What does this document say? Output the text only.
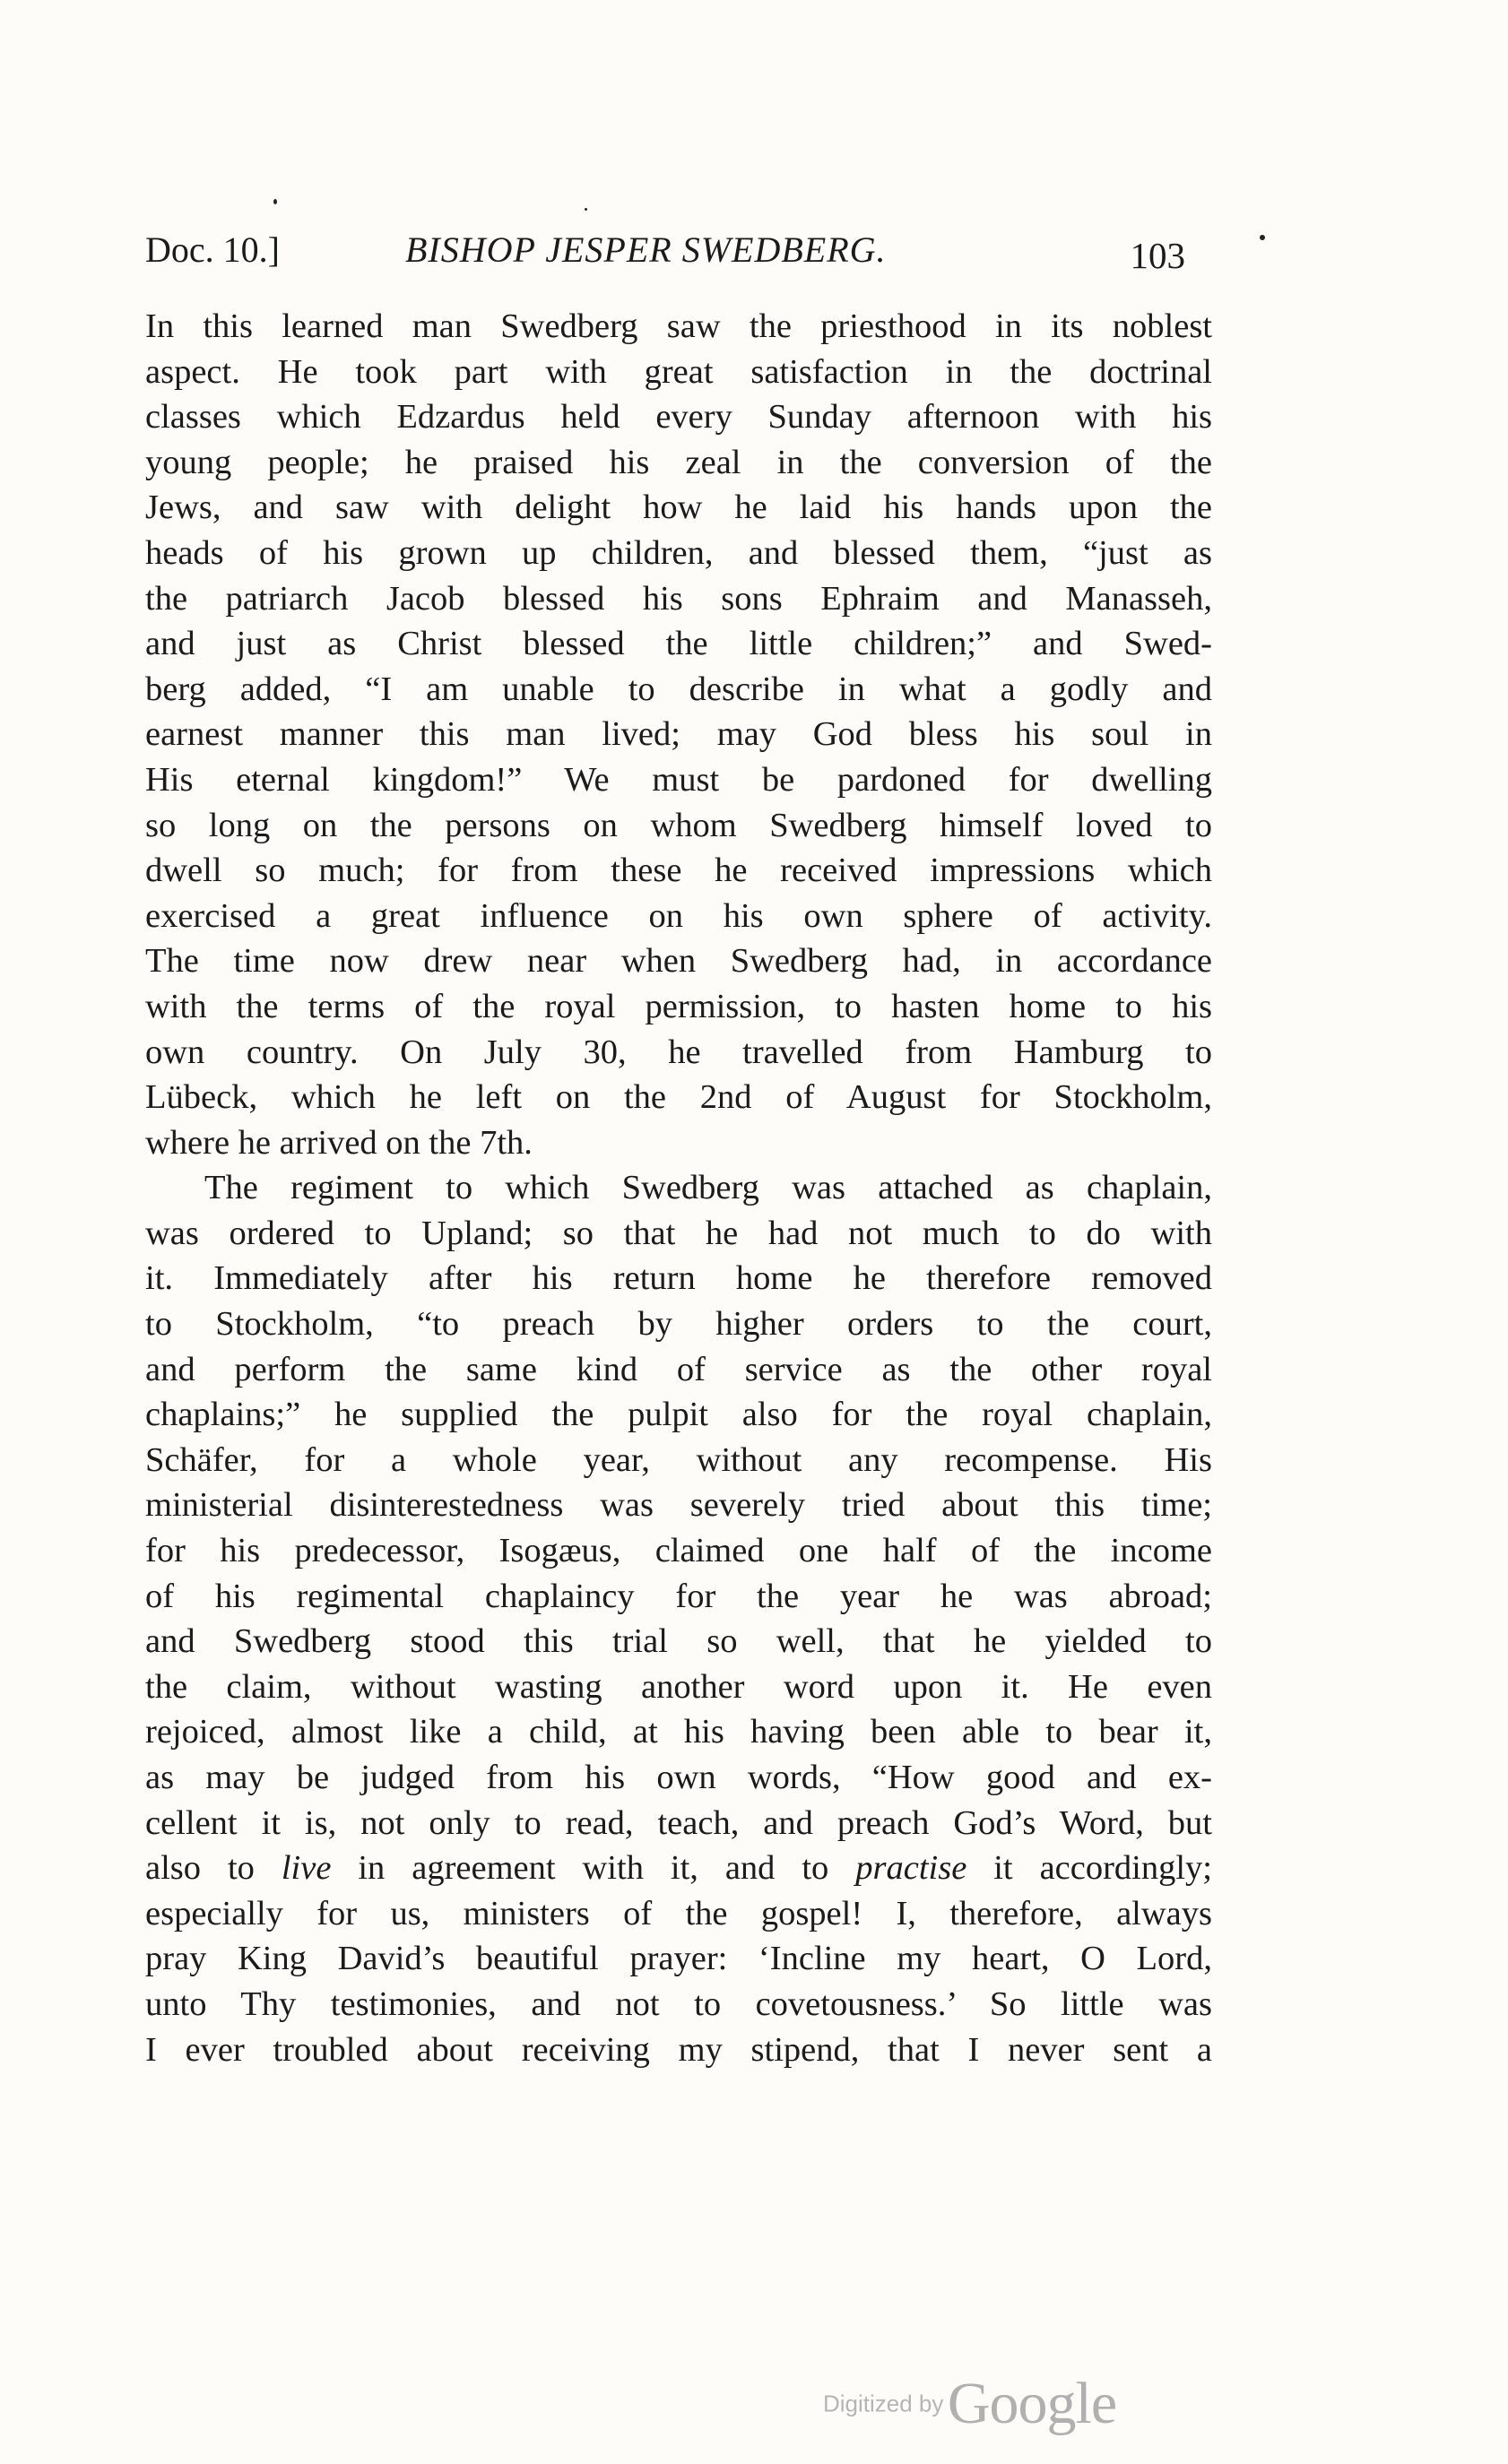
Doc. 10.]	BISHOP JESPER SWEDBERG.	103
In this learned man Swedberg saw the priesthood in its noblest
aspect. He took part with great satisfaction in the doctrinal
classes which Edzardus held every Sunday afternoon with his
young people; he praised his zeal in the conversion of the
Jews, and saw with delight how he laid his hands upon the
heads of his grown up children, and blessed them, “just as
the patriarch Jacob blessed his sons Ephraim and Manasseh,
and just as Christ blessed the little children;” and Swed-
berg added, “I am unable to describe in what a godly and
earnest manner this man lived; may God bless his soul in
His eternal kingdom!” We must be pardoned for dwelling
so long on the persons on whom Swedberg himself loved to
dwell so much; for from these he received impressions which
exercised a great influence on his own sphere of activity.
The time now drew near when Swedberg had, in accordance
with the terms of the royal permission, to hasten home to his
own country. On July 30, he travelled from Hamburg to
Lübeck, which he left on the 2nd of August for Stockholm,
where he arrived on the 7th.
The regiment to which Swedberg was attached as chaplain,
was ordered to Upland; so that he had not much to do with
it. Immediately after his return home he therefore removed
to Stockholm, “to preach by higher orders to the court,
and perform the same kind of service as the other royal
chaplains;” he supplied the pulpit also for the royal chaplain,
Schäfer, for a whole year, without any recompense. His
ministerial disinterestedness was severely tried about this time;
for his predecessor, Isogæus, claimed one half of the income
of his regimental chaplaincy for the year he was abroad;
and Swedberg stood this trial so well, that he yielded to
the claim, without wasting another word upon it. He even
rejoiced, almost like a child, at his having been able to bear it,
as may be judged from his own words, “How good and ex-
cellent it is, not only to read, teach, and preach God’s Word, but
also to live in agreement with it, and to practise it accordingly;
especially for us, ministers of the gospel! I, therefore, always
pray King David’s beautiful prayer: ‘Incline my heart, O Lord,
unto Thy testimonies, and not to covetousness.’ So little was
I ever troubled about receiving my stipend, that I never sent a
Digitized by Google
